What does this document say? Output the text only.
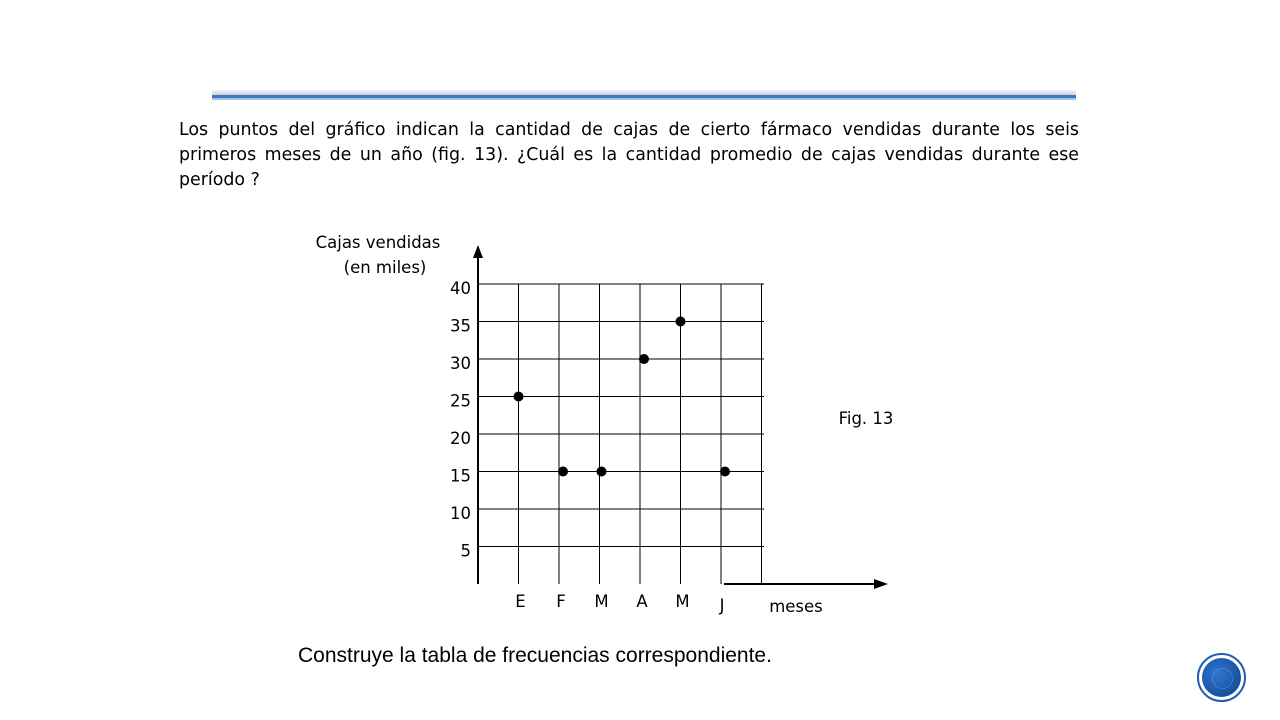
Los puntos del gráfico indican la cantidad de cajas de cierto fármaco vendidas durante los seis primeros meses de un año (fig. 13). ¿Cuál es la cantidad promedio de cajas vendidas durante ese período ?

5
10
15
20
25
30
35
40
E F M A M J
Cajas vendidas
(en miles)
meses
Fig. 13

Construye la tabla de frecuencias correspondiente.
